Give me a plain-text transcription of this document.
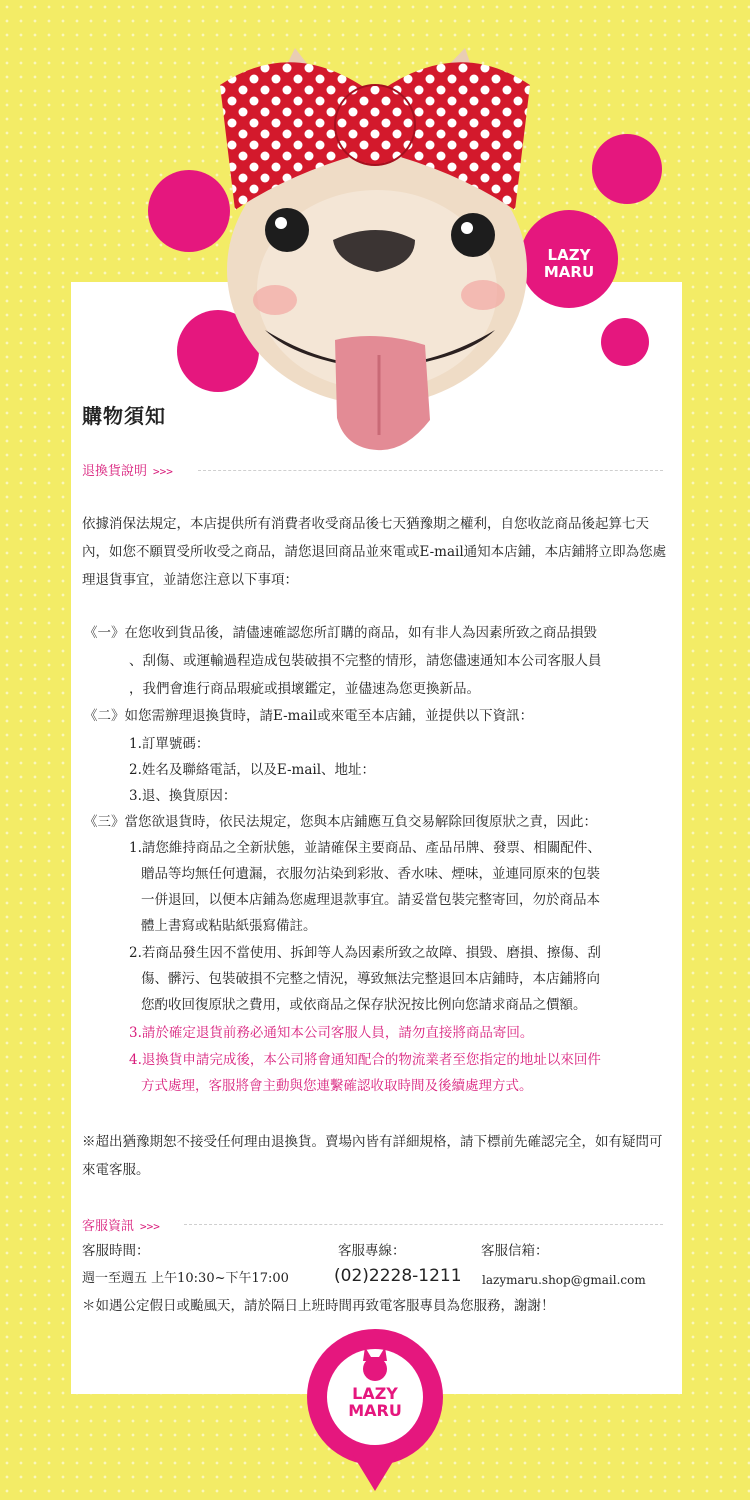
LAZY
MARU
購物須知
退換貨說明 >>>
依據消保法規定，本店提供所有消費者收受商品後七天猶豫期之權利，自您收訖商品後起算七天內，如您不願買受所收受之商品，請您退回商品並來電或E-mail通知本店鋪，本店鋪將立即為您處理退貨事宜，並請您注意以下事項：
《一》在您收到貨品後，請儘速確認您所訂購的商品，如有非人為因素所致之商品損毀
、刮傷、或運輸過程造成包裝破損不完整的情形，請您儘速通知本公司客服人員
，我們會進行商品瑕疵或損壞鑑定，並儘速為您更換新品。
《二》如您需辦理退換貨時，請E-mail或來電至本店鋪，並提供以下資訊：
1.訂單號碼：
2.姓名及聯絡電話，以及E-mail、地址：
3.退、換貨原因：
《三》當您欲退貨時，依民法規定，您與本店鋪應互負交易解除回復原狀之責，因此：
1.請您維持商品之全新狀態，並請確保主要商品、產品吊牌、發票、相關配件、
贈品等均無任何遺漏，衣服勿沾染到彩妝、香水味、煙味，並連同原來的包裝
一併退回，以便本店鋪為您處理退款事宜。請妥當包裝完整寄回，勿於商品本
體上書寫或粘貼紙張寫備註。
2.若商品發生因不當使用、拆卸等人為因素所致之故障、損毀、磨損、擦傷、刮
傷、髒污、包裝破損不完整之情況，導致無法完整退回本店鋪時，本店鋪將向
您酌收回復原狀之費用，或依商品之保存狀況按比例向您請求商品之價額。
3.請於確定退貨前務必通知本公司客服人員，請勿直接將商品寄回。
4.退換貨申請完成後，本公司將會通知配合的物流業者至您指定的地址以來回件
方式處理，客服將會主動與您連繫確認收取時間及後續處理方式。
※超出猶豫期恕不接受任何理由退換貨。賣場內皆有詳細規格，請下標前先確認完全，如有疑問可來電客服。
客服資訊 >>>
客服時間：	客服專線：	客服信箱：
週一至週五 上午10:30~下午17:00	(02)2228-1211 lazymaru.shop@gmail.com
＊如遇公定假日或颱風天，請於隔日上班時間再致電客服專員為您服務，謝謝！
LAZY
MARU
